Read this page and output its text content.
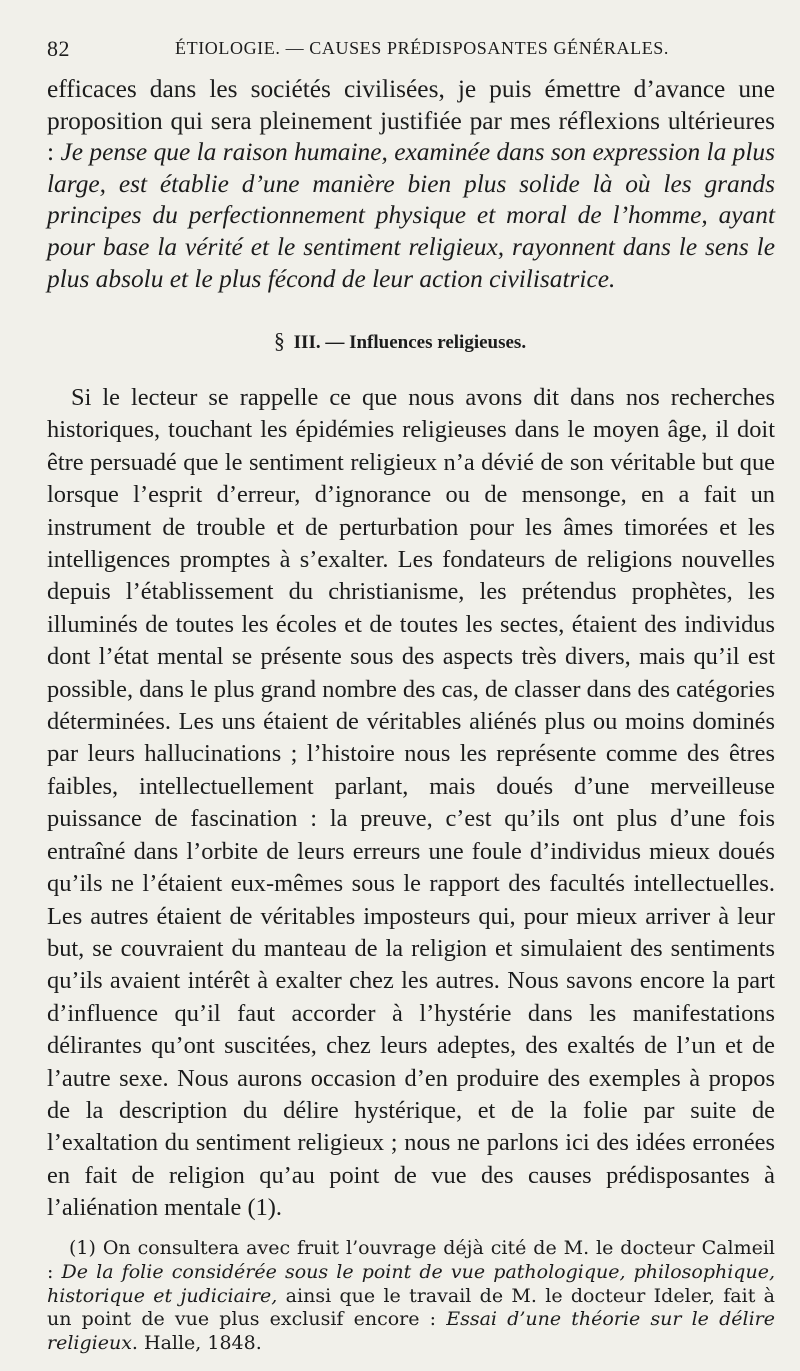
82	ÉTIOLOGIE. — CAUSES PRÉDISPOSANTES GÉNÉRALES.

efficaces dans les sociétés civilisées, je puis émettre d’avance une proposition qui sera pleinement justifiée par mes réflexions ultérieures : Je pense que la raison humaine, examinée dans son expression la plus large, est établie d’une manière bien plus solide là où les grands principes du perfectionnement physique et moral de l’homme, ayant pour base la vérité et le sentiment religieux, rayonnent dans le sens le plus absolu et le plus fécond de leur action civilisatrice.

§ III. — Influences religieuses.

Si le lecteur se rappelle ce que nous avons dit dans nos recherches historiques, touchant les épidémies religieuses dans le moyen âge, il doit être persuadé que le sentiment religieux n’a dévié de son véritable but que lorsque l’esprit d’erreur, d’ignorance ou de mensonge, en a fait un instrument de trouble et de perturbation pour les âmes timorées et les intelligences promptes à s’exalter. Les fondateurs de religions nouvelles depuis l’établissement du christianisme, les prétendus prophètes, les illuminés de toutes les écoles et de toutes les sectes, étaient des individus dont l’état mental se présente sous des aspects très divers, mais qu’il est possible, dans le plus grand nombre des cas, de classer dans des catégories déterminées. Les uns étaient de véritables aliénés plus ou moins dominés par leurs hallucinations ; l’histoire nous les représente comme des êtres faibles, intellectuellement parlant, mais doués d’une merveilleuse puissance de fascination : la preuve, c’est qu’ils ont plus d’une fois entraîné dans l’orbite de leurs erreurs une foule d’individus mieux doués qu’ils ne l’étaient eux-mêmes sous le rapport des facultés intellectuelles. Les autres étaient de véritables imposteurs qui, pour mieux arriver à leur but, se couvraient du manteau de la religion et simulaient des sentiments qu’ils avaient intérêt à exalter chez les autres. Nous savons encore la part d’influence qu’il faut accorder à l’hystérie dans les manifestations délirantes qu’ont suscitées, chez leurs adeptes, des exaltés de l’un et de l’autre sexe. Nous aurons occasion d’en produire des exemples à propos de la description du délire hystérique, et de la folie par suite de l’exaltation du sentiment religieux ; nous ne parlons ici des idées erronées en fait de religion qu’au point de vue des causes prédisposantes à l’aliénation mentale (1).

(1) On consultera avec fruit l’ouvrage déjà cité de M. le docteur Calmeil : De la folie considérée sous le point de vue pathologique, philosophique, historique et judiciaire, ainsi que le travail de M. le docteur Ideler, fait à un point de vue plus exclusif encore : Essai d’une théorie sur le délire religieux. Halle, 1848.
